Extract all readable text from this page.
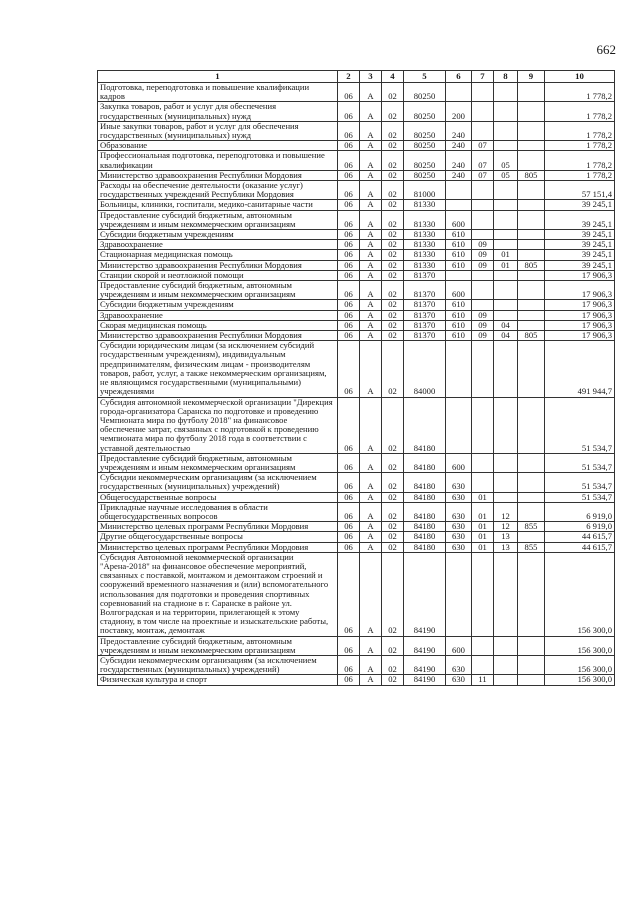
662
1	2	3	4	5	6	7	8	9	10
Подготовка, переподготовка и повышение квалификации кадров	06	А	02	80250					1 778,2
Закупка товаров, работ и услуг для обеспечения государственных (муниципальных) нужд	06	А	02	80250	200				1 778,2
Иные закупки товаров, работ и услуг для обеспечения государственных (муниципальных) нужд	06	А	02	80250	240				1 778,2
Образование	06	А	02	80250	240	07			1 778,2
Профессиональная подготовка, переподготовка и повышение квалификации	06	А	02	80250	240	07	05		1 778,2
Министерство здравоохранения Республики Мордовия	06	А	02	80250	240	07	05	805	1 778,2
Расходы на обеспечение деятельности (оказание услуг) государственных учреждений Республики Мордовия	06	А	02	81000					57 151,4
Больницы, клиники, госпитали, медико-санитарные части	06	А	02	81330					39 245,1
Предоставление субсидий бюджетным, автономным учреждениям и иным некоммерческим организациям	06	А	02	81330	600				39 245,1
Субсидии бюджетным учреждениям	06	А	02	81330	610				39 245,1
Здравоохранение	06	А	02	81330	610	09			39 245,1
Стационарная медицинская помощь	06	А	02	81330	610	09	01		39 245,1
Министерство здравоохранения Республики Мордовия	06	А	02	81330	610	09	01	805	39 245,1
Станции скорой и неотложной помощи	06	А	02	81370					17 906,3
Предоставление субсидий бюджетным, автономным учреждениям и иным некоммерческим организациям	06	А	02	81370	600				17 906,3
Субсидии бюджетным учреждениям	06	А	02	81370	610				17 906,3
Здравоохранение	06	А	02	81370	610	09			17 906,3
Скорая медицинская помощь	06	А	02	81370	610	09	04		17 906,3
Министерство здравоохранения Республики Мордовия	06	А	02	81370	610	09	04	805	17 906,3
Субсидии юридическим лицам (за исключением субсидий государственным учреждениям), индивидуальным предпринимателям, физическим лицам - производителям товаров, работ, услуг, а также некоммерческим организациям, не являющимся государственными (муниципальными) учреждениями	06	А	02	84000					491 944,7
Субсидия автономной некоммерческой организации "Дирекция города-организатора Саранска по подготовке и проведению Чемпионата мира по футболу 2018" на финансовое обеспечение затрат, связанных с подготовкой к проведению чемпионата мира по футболу 2018 года в соответствии с уставной деятельностью	06	А	02	84180					51 534,7
Предоставление субсидий бюджетным, автономным учреждениям и иным некоммерческим организациям	06	А	02	84180	600				51 534,7
Субсидии некоммерческим организациям (за исключением государственных (муниципальных) учреждений)	06	А	02	84180	630				51 534,7
Общегосударственные вопросы	06	А	02	84180	630	01			51 534,7
Прикладные научные исследования в области общегосударственных вопросов	06	А	02	84180	630	01	12		6 919,0
Министерство целевых программ Республики Мордовия	06	А	02	84180	630	01	12	855	6 919,0
Другие общегосударственные вопросы	06	А	02	84180	630	01	13		44 615,7
Министерство целевых программ Республики Мордовия	06	А	02	84180	630	01	13	855	44 615,7
Субсидия Автономной некоммерческой организации "Арена-2018" на финансовое обеспечение мероприятий, связанных с поставкой, монтажом и демонтажом строений и сооружений временного назначения и (или) вспомогательного использования для подготовки и проведения спортивных соревнований на стадионе в г. Саранске в районе ул. Волгоградская и на территории, прилегающей к этому стадиону, в том числе на проектные и изыскательские работы, поставку, монтаж, демонтаж	06	А	02	84190					156 300,0
Предоставление субсидий бюджетным, автономным учреждениям и иным некоммерческим организациям	06	А	02	84190	600				156 300,0
Субсидии некоммерческим организациям (за исключением государственных (муниципальных) учреждений)	06	А	02	84190	630				156 300,0
Физическая культура и спорт	06	А	02	84190	630	11			156 300,0
